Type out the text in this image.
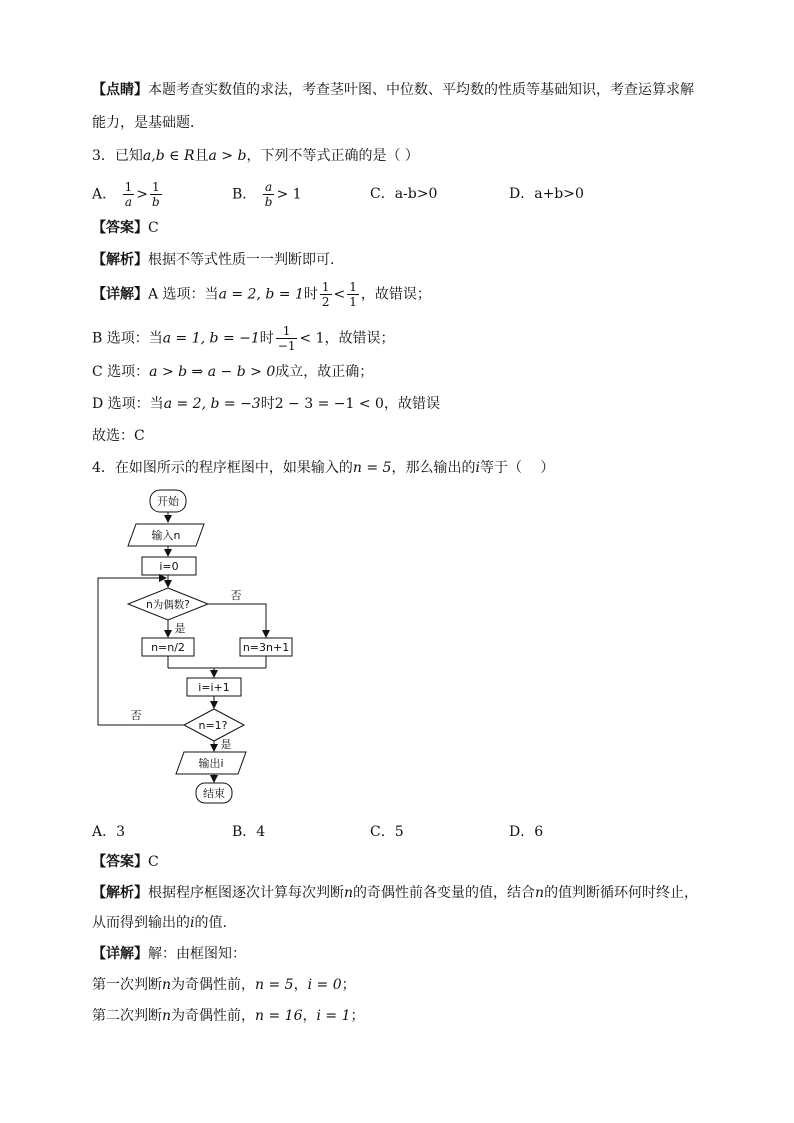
【点睛】本题考查实数值的求法，考查茎叶图、中位数、平均数的性质等基础知识，考查运算求解
能力，是基础题．
3．已知a,b ∈ R且a > b，下列不等式正确的是（ ）
A． $\frac{1}{a} > \frac{1}{b}$	B． $\frac{a}{b} > 1$	C．a-b>0	D．a+b>0
【答案】C
【解析】根据不等式性质一一判断即可.
【详解】A 选项：当a = 2, b = 1时 $\frac{1}{2} < \frac{1}{1}$ ，故错误；
B 选项：当a = 1, b = −1时 $\frac{1}{-1} < 1$，故错误；
C 选项：a > b ⇒ a − b > 0成立，故正确；
D 选项：当a = 2, b = −3时2 − 3 = −1 < 0，故错误
故选：C
4．在如图所示的程序框图中，如果输入的n = 5，那么输出的i等于（　 ）
开始
输入n
i=0
n为偶数?
是
否
n=n/2	n=3n+1
i=i+1
n=1?
否
是
输出i
结束
A．3	B．4	C．5	D．6
【答案】C
【解析】根据程序框图逐次计算每次判断n的奇偶性前各变量的值，结合n的值判断循环何时终止，
从而得到输出的i的值.
【详解】解：由框图知：
第一次判断n为奇偶性前，n = 5，i = 0；
第二次判断n为奇偶性前，n = 16，i = 1；
